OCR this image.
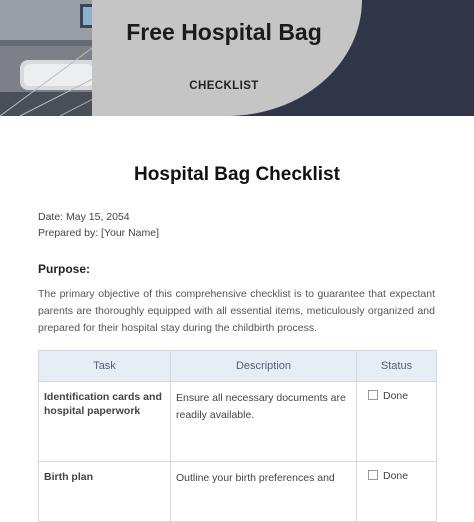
Free Hospital Bag
CHECKLIST
Hospital Bag Checklist
Date: May 15, 2054
Prepared by: [Your Name]
Purpose:
The primary objective of this comprehensive checklist is to guarantee that expectant parents are thoroughly equipped with all essential items, meticulously organized and prepared for their hospital stay during the childbirth process.
Task	Description	Status
Identification cards and hospital paperwork	Ensure all necessary documents are readily available.	Done
Birth plan	Outline your birth preferences and	Done
